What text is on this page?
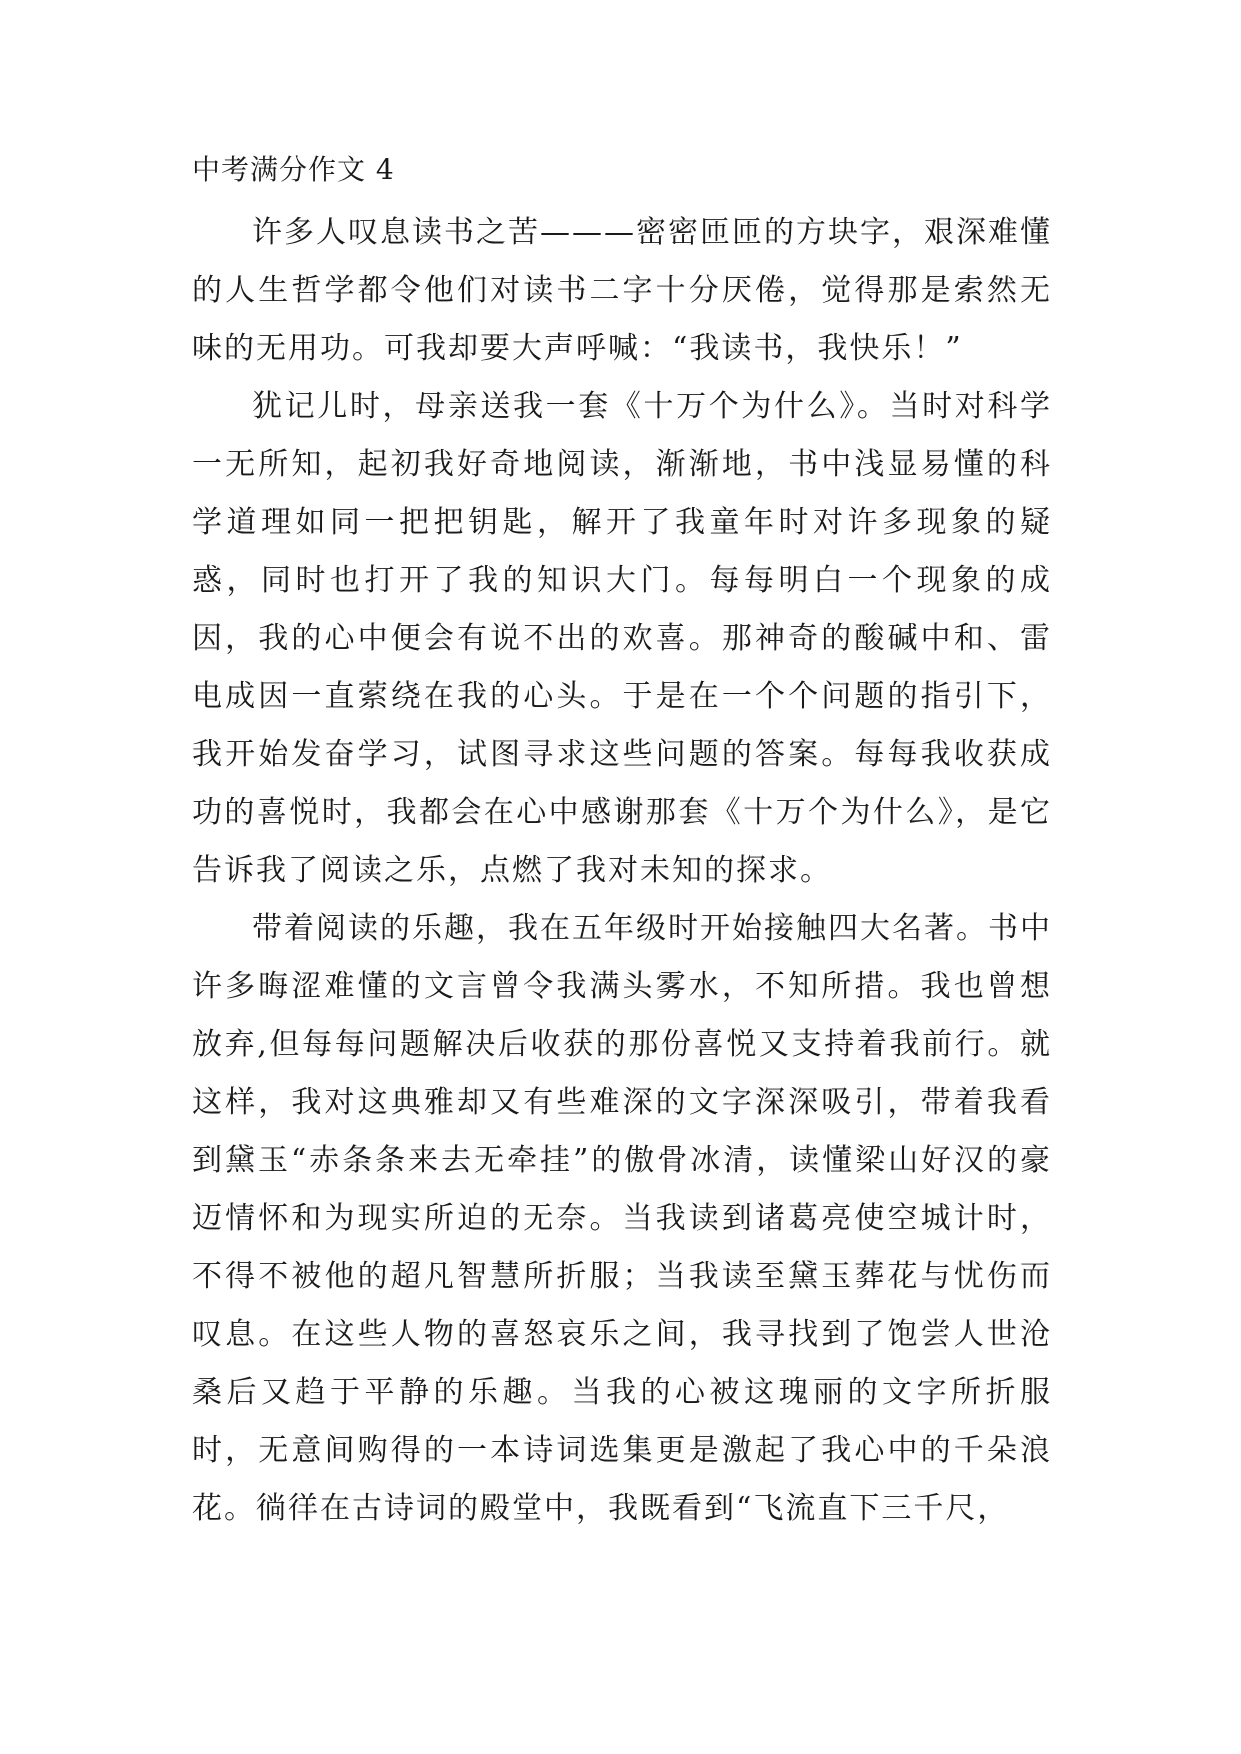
中考满分作文 4

许多人叹息读书之苦———密密匝匝的方块字，艰深难懂的人生哲学都令他们对读书二字十分厌倦，觉得那是索然无味的无用功。可我却要大声呼喊：“我读书，我快乐！”

犹记儿时，母亲送我一套《十万个为什么》。当时对科学一无所知，起初我好奇地阅读，渐渐地，书中浅显易懂的科学道理如同一把把钥匙，解开了我童年时对许多现象的疑惑，同时也打开了我的知识大门。每每明白一个现象的成因，我的心中便会有说不出的欢喜。那神奇的酸碱中和、雷电成因一直萦绕在我的心头。于是在一个个问题的指引下，我开始发奋学习，试图寻求这些问题的答案。每每我收获成功的喜悦时，我都会在心中感谢那套《十万个为什么》，是它告诉我了阅读之乐，点燃了我对未知的探求。

带着阅读的乐趣，我在五年级时开始接触四大名著。书中许多晦涩难懂的文言曾令我满头雾水，不知所措。我也曾想放弃,但每每问题解决后收获的那份喜悦又支持着我前行。就这样，我对这典雅却又有些难深的文字深深吸引，带着我看到黛玉“赤条条来去无牵挂”的傲骨冰清，读懂梁山好汉的豪迈情怀和为现实所迫的无奈。当我读到诸葛亮使空城计时，不得不被他的超凡智慧所折服；当我读至黛玉葬花与忧伤而叹息。在这些人物的喜怒哀乐之间，我寻找到了饱尝人世沧桑后又趋于平静的乐趣。当我的心被这瑰丽的文字所折服时，无意间购得的一本诗词选集更是激起了我心中的千朵浪花。徜徉在古诗词的殿堂中，我既看到“飞流直下三千尺，
